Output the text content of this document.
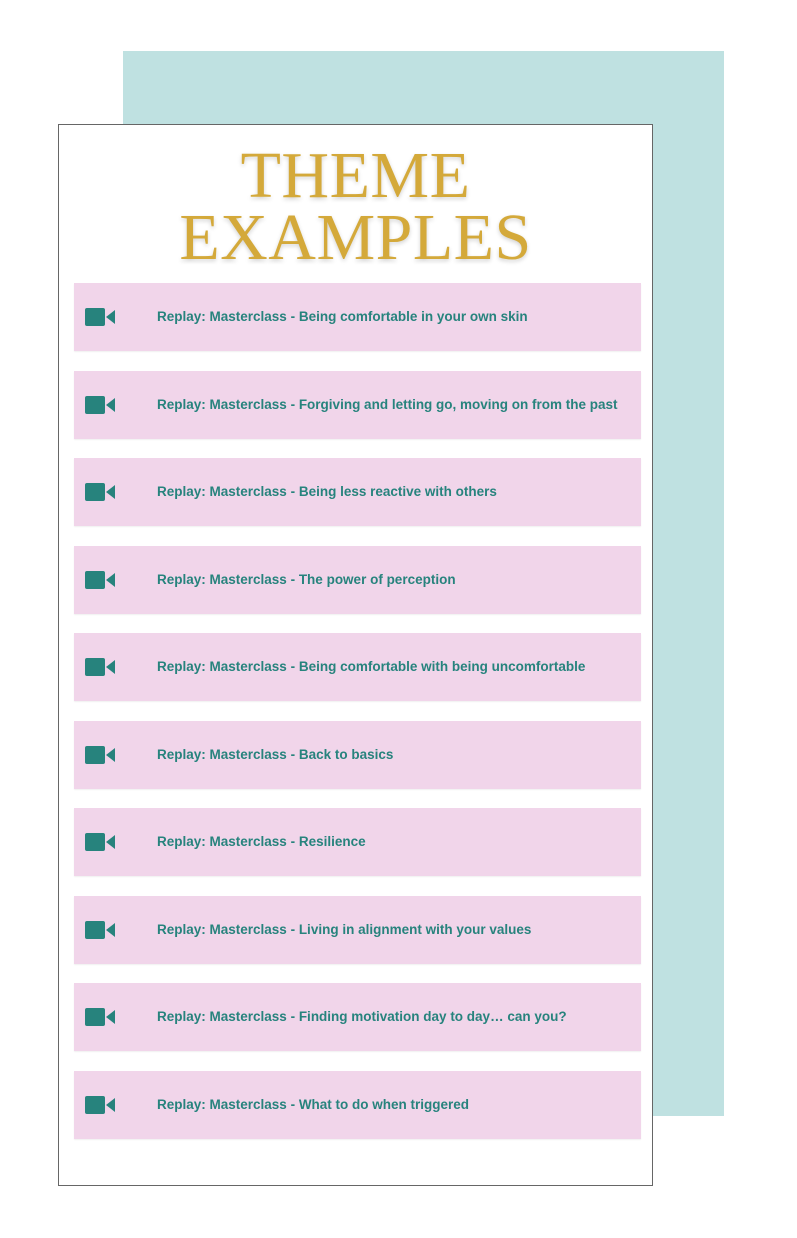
THEME
EXAMPLES
Replay: Masterclass - Being comfortable in your own skin
Replay: Masterclass - Forgiving and letting go, moving on from the past
Replay: Masterclass - Being less reactive with others
Replay: Masterclass - The power of perception
Replay: Masterclass - Being comfortable with being uncomfortable
Replay: Masterclass - Back to basics
Replay: Masterclass - Resilience
Replay: Masterclass - Living in alignment with your values
Replay: Masterclass - Finding motivation day to day… can you?
Replay: Masterclass - What to do when triggered
